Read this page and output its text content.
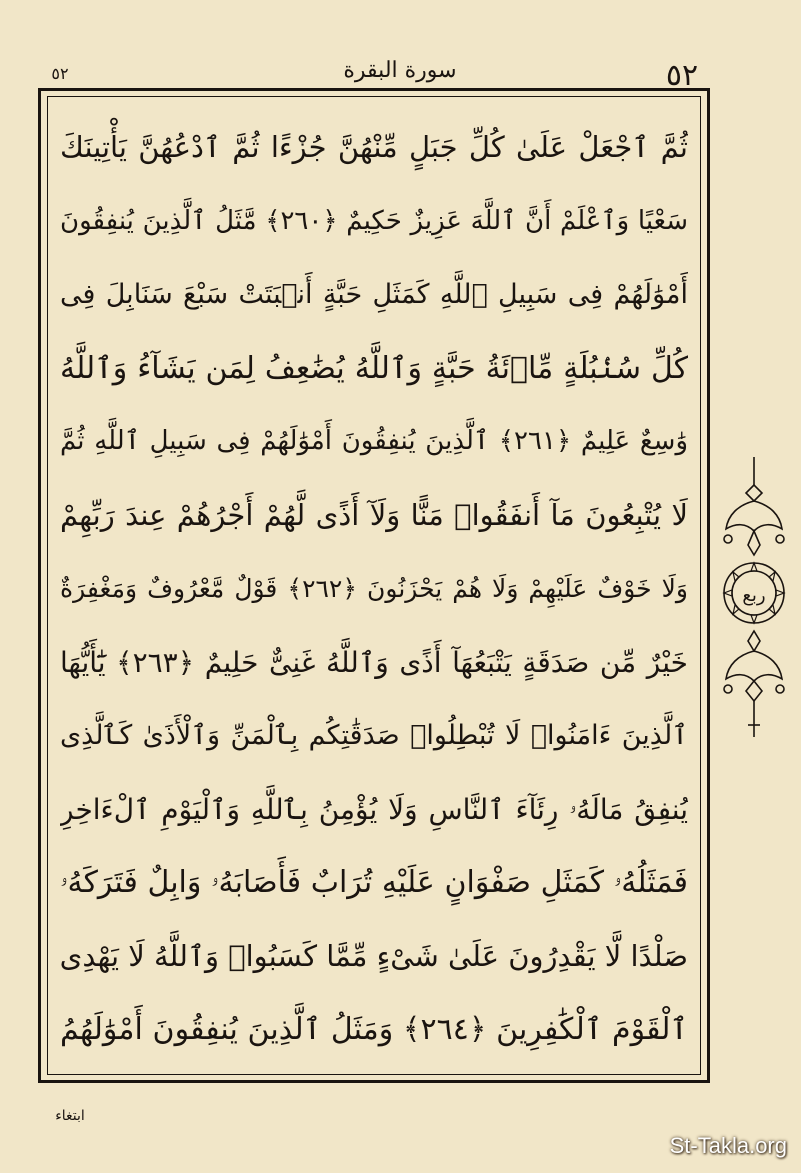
٥٢	سورة البقرة	٥٢
ثُمَّ ٱجْعَلْ عَلَىٰ كُلِّ جَبَلٍ مِّنْهُنَّ جُزْءًا ثُمَّ ٱدْعُهُنَّ يَأْتِينَكَ
سَعْيًا وَٱعْلَمْ أَنَّ ٱللَّهَ عَزِيزٌ حَكِيمٌ ﴿٢٦٠﴾ مَّثَلُ ٱلَّذِينَ يُنفِقُونَ
أَمْوَٰلَهُمْ فِى سَبِيلِ ٱللَّهِ كَمَثَلِ حَبَّةٍ أَنۢبَتَتْ سَبْعَ سَنَابِلَ فِى
كُلِّ سُنۢبُلَةٍ مِّا۟ئَةُ حَبَّةٍ وَٱللَّهُ يُضَٰعِفُ لِمَن يَشَآءُ وَٱللَّهُ
وَٰسِعٌ عَلِيمٌ ﴿٢٦١﴾ ٱلَّذِينَ يُنفِقُونَ أَمْوَٰلَهُمْ فِى سَبِيلِ ٱللَّهِ ثُمَّ
لَا يُتْبِعُونَ مَآ أَنفَقُوا۟ مَنًّا وَلَآ أَذًى لَّهُمْ أَجْرُهُمْ عِندَ رَبِّهِمْ
وَلَا خَوْفٌ عَلَيْهِمْ وَلَا هُمْ يَحْزَنُونَ ﴿٢٦٢﴾ قَوْلٌ مَّعْرُوفٌ وَمَغْفِرَةٌ
خَيْرٌ مِّن صَدَقَةٍ يَتْبَعُهَآ أَذًى وَٱللَّهُ غَنِىٌّ حَلِيمٌ ﴿٢٦٣﴾ يَٰٓأَيُّهَا
ٱلَّذِينَ ءَامَنُوا۟ لَا تُبْطِلُوا۟ صَدَقَٰتِكُم بِٱلْمَنِّ وَٱلْأَذَىٰ كَٱلَّذِى
يُنفِقُ مَالَهُۥ رِئَآءَ ٱلنَّاسِ وَلَا يُؤْمِنُ بِٱللَّهِ وَٱلْيَوْمِ ٱلْءَاخِرِ
فَمَثَلُهُۥ كَمَثَلِ صَفْوَانٍ عَلَيْهِ تُرَابٌ فَأَصَابَهُۥ وَابِلٌ فَتَرَكَهُۥ
صَلْدًا لَّا يَقْدِرُونَ عَلَىٰ شَىْءٍ مِّمَّا كَسَبُوا۟ وَٱللَّهُ لَا يَهْدِى
ٱلْقَوْمَ ٱلْكَٰفِرِينَ ﴿٢٦٤﴾ وَمَثَلُ ٱلَّذِينَ يُنفِقُونَ أَمْوَٰلَهُمُ
ربع
ابتغاء
St-Takla.org
